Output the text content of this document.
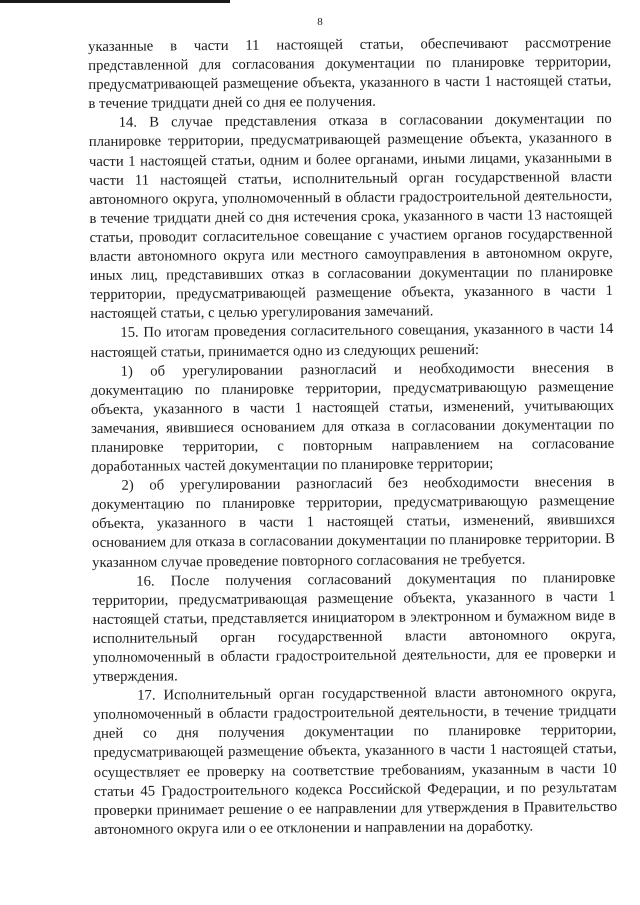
8

указанные в части 11 настоящей статьи, обеспечивают рассмотрение представленной для согласования документации по планировке территории, предусматривающей размещение объекта, указанного в части 1 настоящей статьи, в течение тридцати дней со дня ее получения.

14. В случае представления отказа в согласовании документации по планировке территории, предусматривающей размещение объекта, указанного в части 1 настоящей статьи, одним и более органами, иными лицами, указанными в части 11 настоящей статьи, исполнительный орган государственной власти автономного округа, уполномоченный в области градостроительной деятельности, в течение тридцати дней со дня истечения срока, указанного в части 13 настоящей статьи, проводит согласительное совещание с участием органов государственной власти автономного округа или местного самоуправления в автономном округе, иных лиц, представивших отказ в согласовании документации по планировке территории, предусматривающей размещение объекта, указанного в части 1 настоящей статьи, с целью урегулирования замечаний.

15. По итогам проведения согласительного совещания, указанного в части 14 настоящей статьи, принимается одно из следующих решений:

1) об урегулировании разногласий и необходимости внесения в документацию по планировке территории, предусматривающую размещение объекта, указанного в части 1 настоящей статьи, изменений, учитывающих замечания, явившиеся основанием для отказа в согласовании документации по планировке территории, с повторным направлением на согласование доработанных частей документации по планировке территории;

2) об урегулировании разногласий без необходимости внесения в документацию по планировке территории, предусматривающую размещение объекта, указанного в части 1 настоящей статьи, изменений, явившихся основанием для отказа в согласовании документации по планировке территории. В указанном случае проведение повторного согласования не требуется.

16. После получения согласований документация по планировке территории, предусматривающая размещение объекта, указанного в части 1 настоящей статьи, представляется инициатором в электронном и бумажном виде в исполнительный орган государственной власти автономного округа, уполномоченный в области градостроительной деятельности, для ее проверки и утверждения.

17. Исполнительный орган государственной власти автономного округа, уполномоченный в области градостроительной деятельности, в течение тридцати дней со дня получения документации по планировке территории, предусматривающей размещение объекта, указанного в части 1 настоящей статьи, осуществляет ее проверку на соответствие требованиям, указанным в части 10 статьи 45 Градостроительного кодекса Российской Федерации, и по результатам проверки принимает решение о ее направлении для утверждения в Правительство автономного округа или о ее отклонении и направлении на доработку.
